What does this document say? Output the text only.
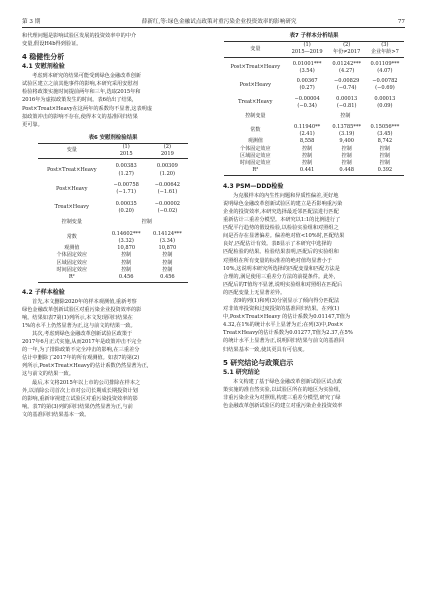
第 3 期	薛新红,等:绿色金融试点政策对重污染企业投资效率的影响研究	77

和代理问题是影响试验区发展的投资效率中的中介
变量,假设H4b得到验证。

4 稳健性分析
4.1 安慰剂检验

考虑到本研究的结果可能受到绿色金融改革创新
试验区建立之前其他事件的影响,本研究采用安慰剂
检验将政策实施时间提前两年和三年,选取2015年和
2016年为虚拟政策发生的时间。表6给出了结果，
Post×Treat×Heavy在这两年的系数均不显著,这表明虚
拟政策冲击的影响不存在,使得本文的基准回归结果
更可靠。

表6 安慰剂检验结果
变量	(1)	(2)
	2015	2019

Post×Treat×Heavy	0.00383	0.00309
	(1.27)	(1.20)

Post×Heavy	−0.00758	−0.00642
	(−1.71)	(−1.61)

Treat×Heavy	0.00035	−0.00002
	(0.20)	(−0.02)

控制变量	控制	

常数	0.14602***	0.14124***
	(3.32)	(3.34)
观测值	10,870	10,870
个体固定效应	控制	控制
区域固定效应	控制	控制
时间固定效应	控制	控制
R²	0.456	0.456
4.2 子样本检验

首先,本文删除2020年的样本观测值,重新考察
绿色金融改革创新试验区对重污染企业投资效率的影
响。结果如表7第(1)列所示,本文发现回归结果在
1%的水平上仍然显著为正,这与前文的结果一致。

其次,考虑到绿色金融改革创新试验区政策于
2017年6月正式实施,从而2017年是政策冲击不完全
的一年,为了排除政策不完全冲击的影响,在三重差分
估计中删除了2017年的所有观测值。如表7的第(2)
列所示,Post×Treat×Heavy的估计系数仍然显著为正,
这与前文的结果一致。

最后,本文将2015年以上市的公司排除在样本之
外,以消除公司首次上市对公司长期成长期投资计划
的影响,重新审视建立试验区对重污染投资效率的影
响。表7的第(3)列的回归结果仍然显著为正,与前
文的基准回归结果基本一致。

表7 子样本分析结果
变量	(1)	(2)	(3)
	2015—2019	年份≠2017	企业年龄>7

Post×Treat×Heavy	0.01001***	0.01242***	0.01109***
	(3.54)	(4.27)	(4.07)

Post×Heavy	0.00367	−0.00829	−0.00782
	(0.27)	(−0.74)	(−0.69)

Treat×Heavy	−0.00004	0.00013	0.00013
	(−0.34)	(−0.81)	(0.09)

控制变量	控制		

常数	0.11940**	0.13785***	0.15056***
	(2.41)	(3.19)	(3.45)
观测值	8,558	9,400	8,742
个体固定效应	控制	控制	控制
区域固定效应	控制	控制	控制
时间固定效应	控制	控制	控制
R²	0.441	0.448	0.392
4.3 PSM—DDD检验

为克服样本的内生性问题和异质性偏差,更好地
说明绿色金融改革创新试验区的建立是否影响重污染
企业的投资效率,本研究选择最近邻匹配法进行匹配
重新估计三重差分模型。本研究以1:1的比例进行了
匹配平行趋势的假设检验,以检验实验组和对照组之
间是否存在显著偏差。偏差绝对值<10%时,匹配结果
良好,匹配估计有效。表8显示了本研究中选择的
匹配检验的结果。检验结果表明,匹配后的实验组和
对照组在所有变量的标准差的绝对值均显著小于
10%,这说明本研究所选择的匹配变量和匹配方法是
合理的,满足使用三重差分方法的前提条件。此外,
匹配后的T值均不显著,说明实验组和对照组在匹配后
的匹配变量上无显著差异。

表9的列(1)和列(3)分别显示了倾向得分匹配法
对非效率投资和过度投资的基准回归结果。在列(1)
中,Post×Treat×Heavy 的估计系数为0.01147,T值为
4.32,在1%的统计水平上显著为正;在列(3)中,Post×
Treat×Heavy的估计系数为0.01277,T值为2.37,在5%
的统计水平上显著为正,说明回归结果与前文的基准回
归结果基本一致,使其更具有可信度。

5 研究结论与政策启示
5.1 研究结论

本文构建了基于绿色金融改革创新试验区试点政
策实施的准自然实验,以试验区所在的地区为实验组,
非重污染企业为对照组,构建三重差分模型,研究了绿
色金融改革创新试验区的建立对重污染企业投资效率
